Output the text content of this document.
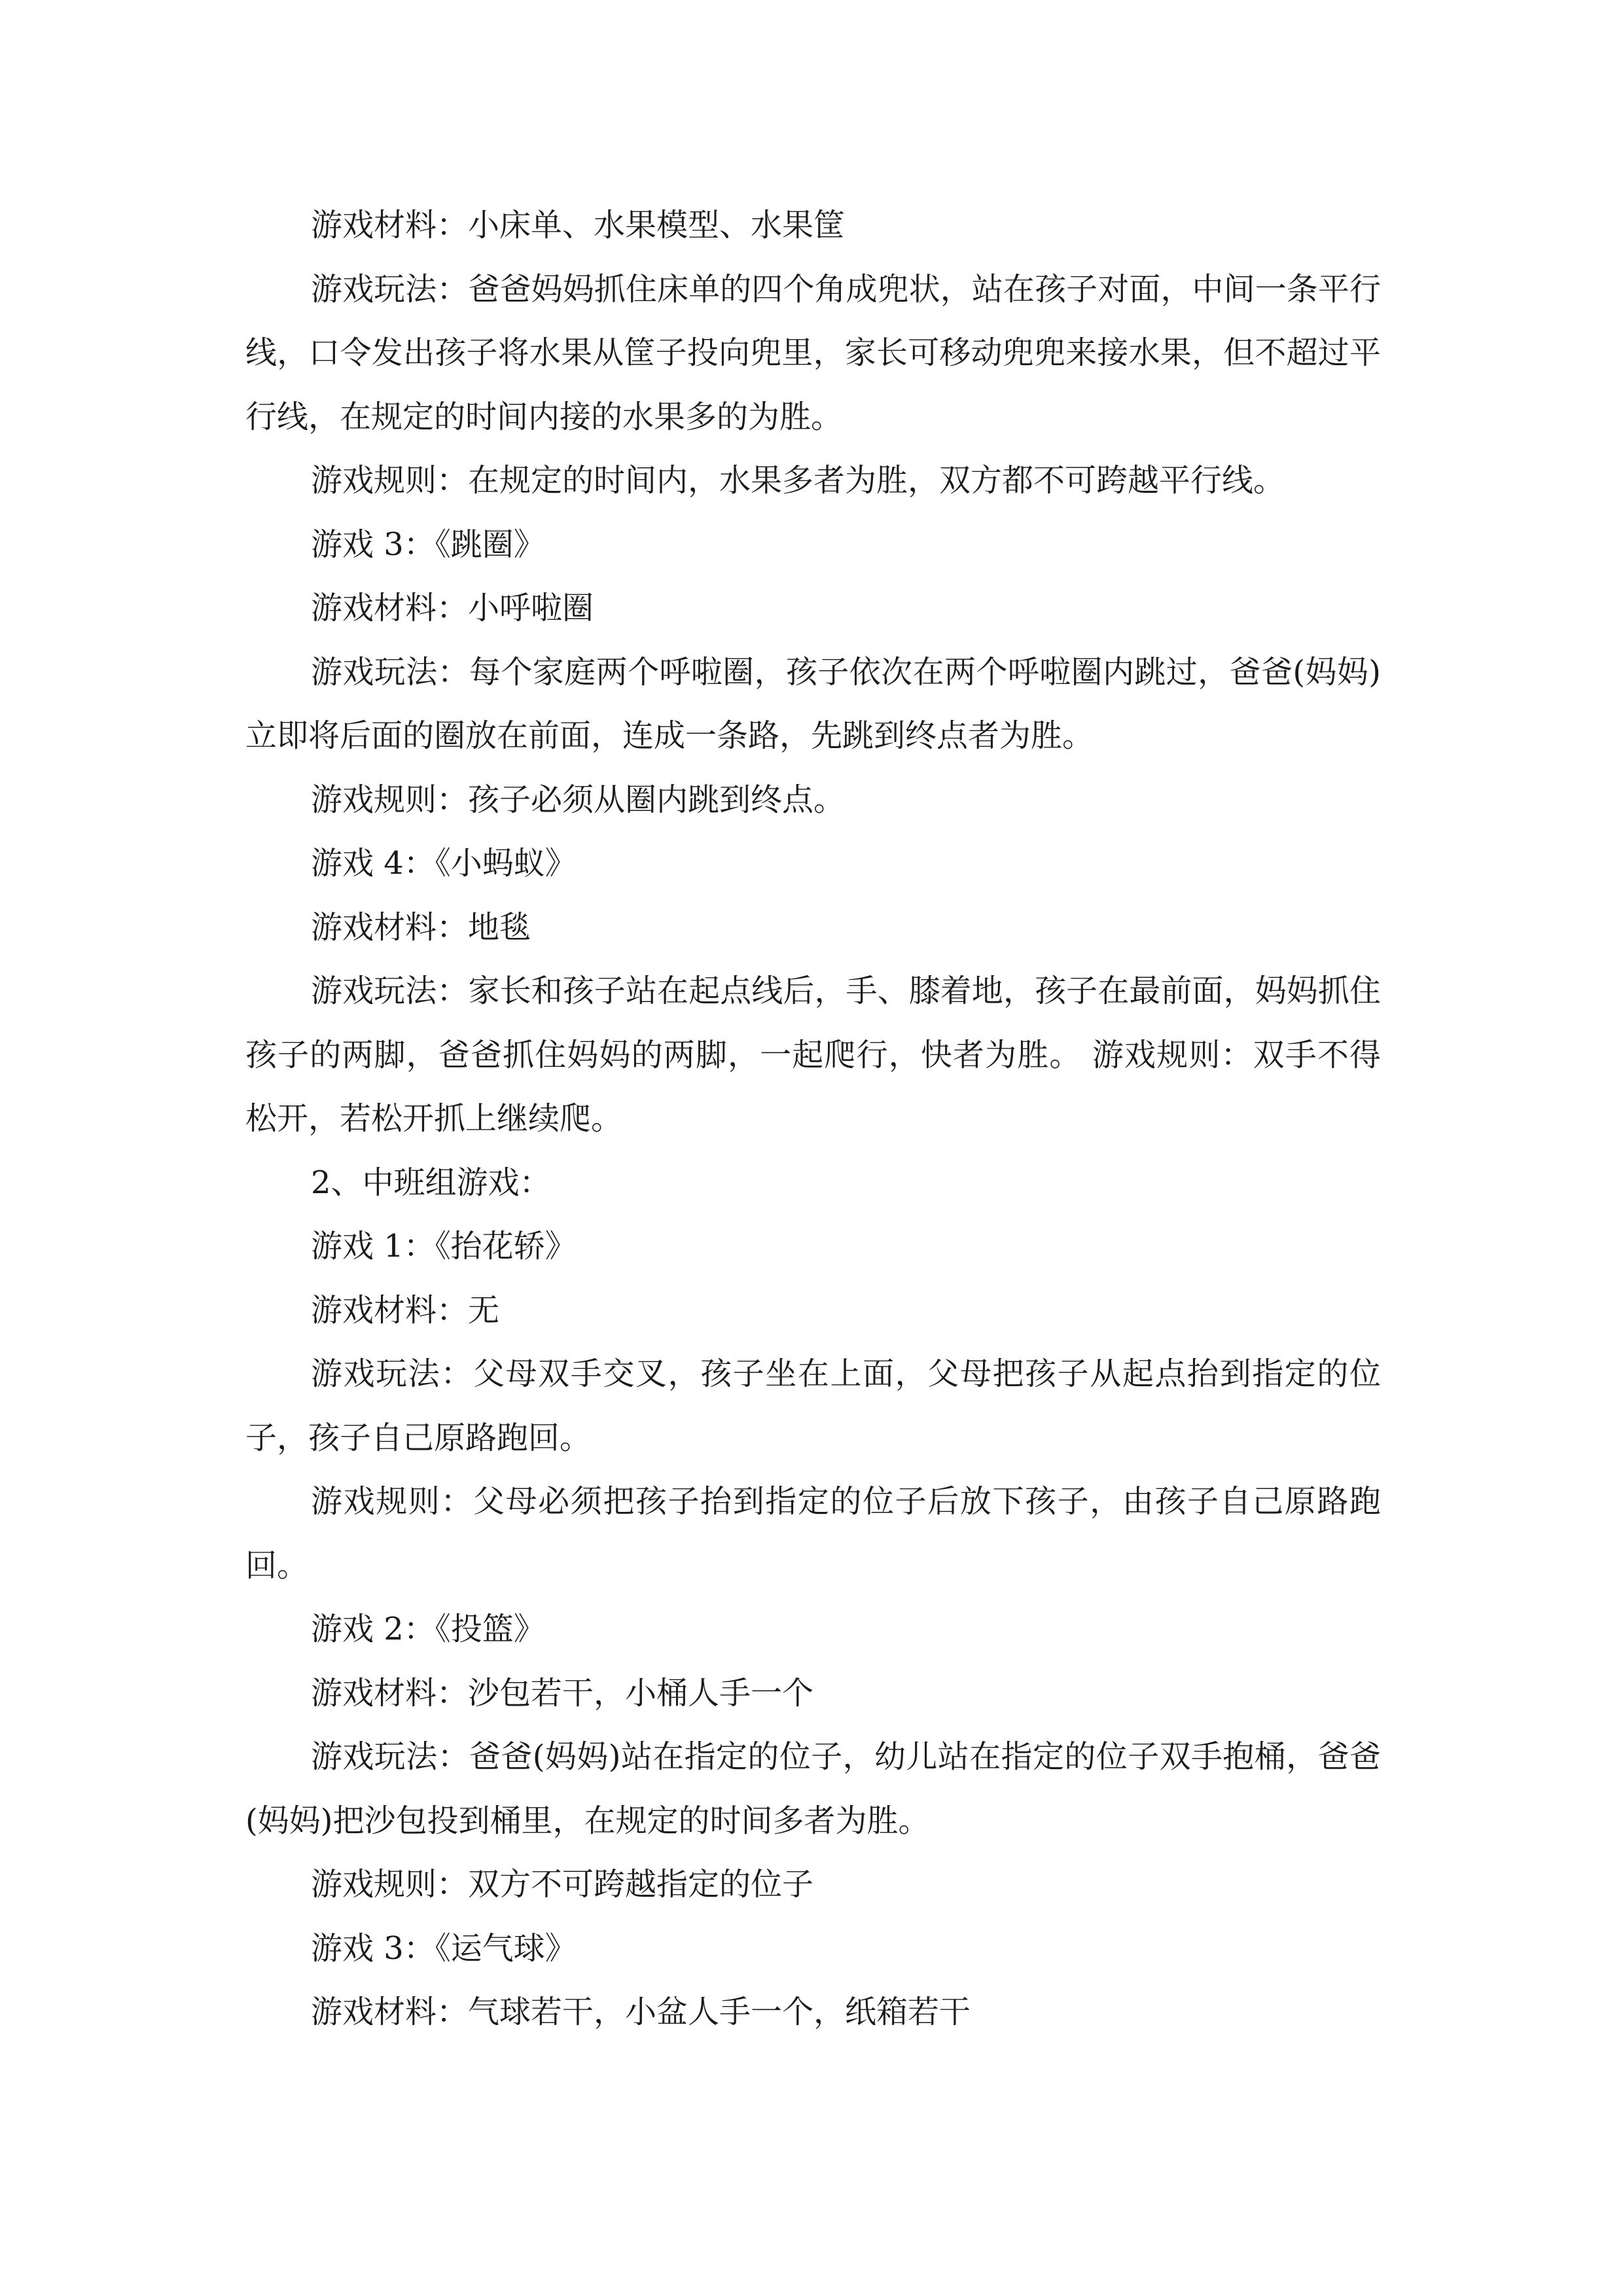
游戏材料：小床单、水果模型、水果筐

游戏玩法：爸爸妈妈抓住床单的四个角成兜状，站在孩子对面，中间一条平行线，口令发出孩子将水果从筐子投向兜里，家长可移动兜兜来接水果，但不超过平行线，在规定的时间内接的水果多的为胜。

游戏规则：在规定的时间内，水果多者为胜，双方都不可跨越平行线。

游戏 3：《跳圈》

游戏材料：小呼啦圈

游戏玩法：每个家庭两个呼啦圈，孩子依次在两个呼啦圈内跳过，爸爸(妈妈)立即将后面的圈放在前面，连成一条路，先跳到终点者为胜。

游戏规则：孩子必须从圈内跳到终点。

游戏 4：《小蚂蚁》

游戏材料：地毯

游戏玩法：家长和孩子站在起点线后，手、膝着地，孩子在最前面，妈妈抓住孩子的两脚，爸爸抓住妈妈的两脚，一起爬行，快者为胜。 游戏规则：双手不得松开，若松开抓上继续爬。

2、中班组游戏：

游戏 1：《抬花轿》

游戏材料：无

游戏玩法：父母双手交叉，孩子坐在上面，父母把孩子从起点抬到指定的位子，孩子自己原路跑回。

游戏规则：父母必须把孩子抬到指定的位子后放下孩子，由孩子自己原路跑回。

游戏 2：《投篮》

游戏材料：沙包若干，小桶人手一个

游戏玩法：爸爸(妈妈)站在指定的位子，幼儿站在指定的位子双手抱桶，爸爸(妈妈)把沙包投到桶里，在规定的时间多者为胜。

游戏规则：双方不可跨越指定的位子

游戏 3：《运气球》

游戏材料：气球若干，小盆人手一个，纸箱若干
